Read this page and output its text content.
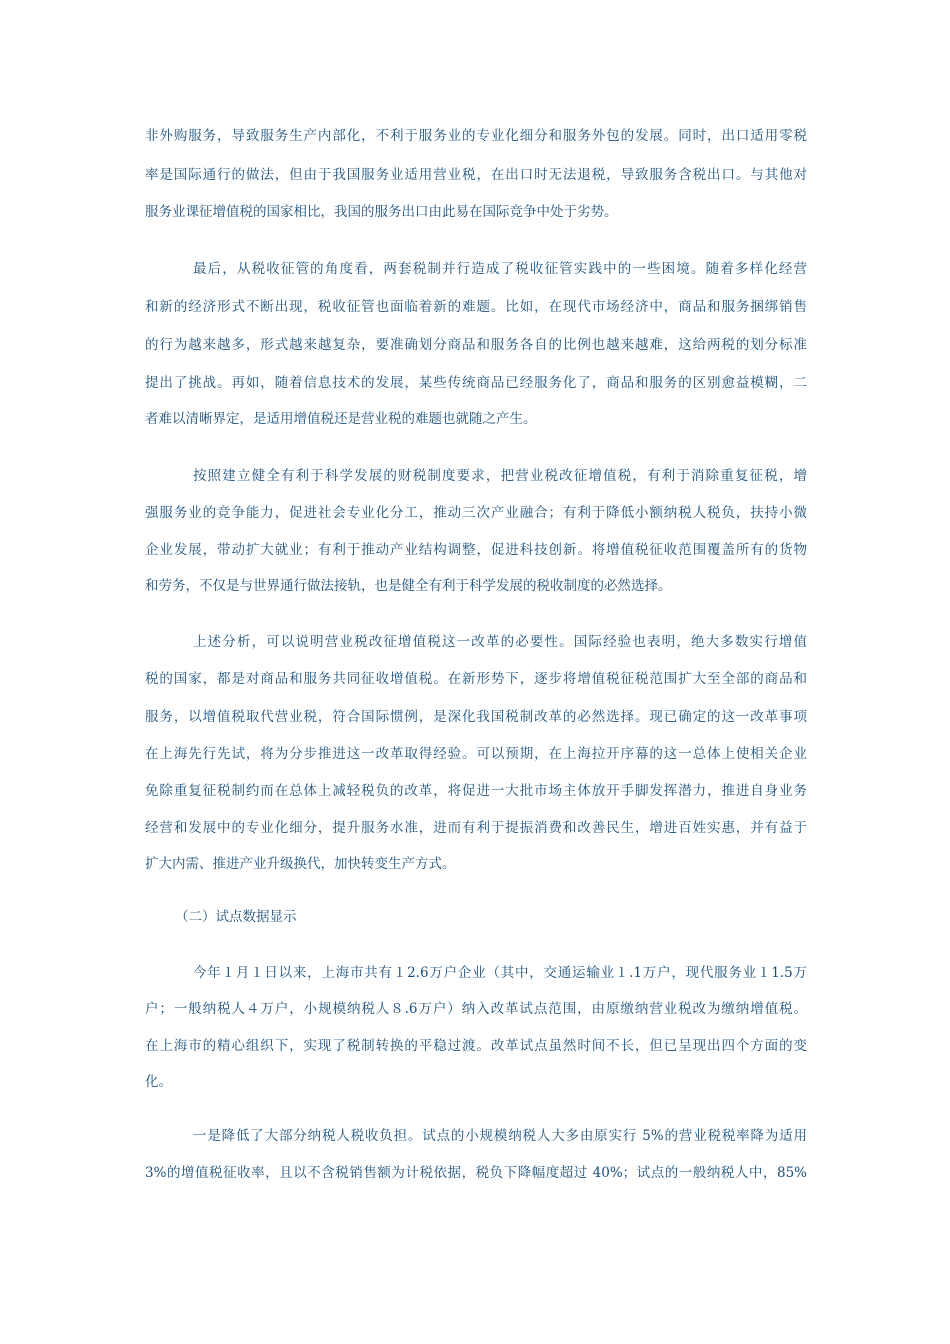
非外购服务，导致服务生产内部化，不利于服务业的专业化细分和服务外包的发展。同时，出口适用零税
率是国际通行的做法，但由于我国服务业适用营业税，在出口时无法退税，导致服务含税出口。与其他对
服务业课征增值税的国家相比，我国的服务出口由此易在国际竞争中处于劣势。
最后，从税收征管的角度看，两套税制并行造成了税收征管实践中的一些困境。随着多样化经营
和新的经济形式不断出现，税收征管也面临着新的难题。比如，在现代市场经济中，商品和服务捆绑销售
的行为越来越多，形式越来越复杂，要准确划分商品和服务各自的比例也越来越难，这给两税的划分标准
提出了挑战。再如，随着信息技术的发展，某些传统商品已经服务化了，商品和服务的区别愈益模糊，二
者难以清晰界定，是适用增值税还是营业税的难题也就随之产生。
按照建立健全有利于科学发展的财税制度要求，把营业税改征增值税，有利于消除重复征税，增
强服务业的竞争能力，促进社会专业化分工，推动三次产业融合；有利于降低小额纳税人税负，扶持小微
企业发展，带动扩大就业；有利于推动产业结构调整，促进科技创新。将增值税征收范围覆盖所有的货物
和劳务，不仅是与世界通行做法接轨，也是健全有利于科学发展的税收制度的必然选择。
上述分析，可以说明营业税改征增值税这一改革的必要性。国际经验也表明，绝大多数实行增值
税的国家，都是对商品和服务共同征收增值税。在新形势下，逐步将增值税征税范围扩大至全部的商品和
服务，以增值税取代营业税，符合国际惯例，是深化我国税制改革的必然选择。现已确定的这一改革事项
在上海先行先试，将为分步推进这一改革取得经验。可以预期，在上海拉开序幕的这一总体上使相关企业
免除重复征税制约而在总体上减轻税负的改革，将促进一大批市场主体放开手脚发挥潜力，推进自身业务
经营和发展中的专业化细分，提升服务水准，进而有利于提振消费和改善民生，增进百姓实惠，并有益于
扩大内需、推进产业升级换代，加快转变生产方式。
（二）试点数据显示
今年１月１日以来，上海市共有１2.6万户企业（其中，交通运输业１.1万户，现代服务业１1.5万
户；一般纳税人４万户，小规模纳税人８.6万户）纳入改革试点范围，由原缴纳营业税改为缴纳增值税。
在上海市的精心组织下，实现了税制转换的平稳过渡。改革试点虽然时间不长，但已呈现出四个方面的变
化。
一是降低了大部分纳税人税收负担。试点的小规模纳税人大多由原实行 5%的营业税税率降为适用
3%的增值税征收率，且以不含税销售额为计税依据，税负下降幅度超过 40%；试点的一般纳税人中，85%
